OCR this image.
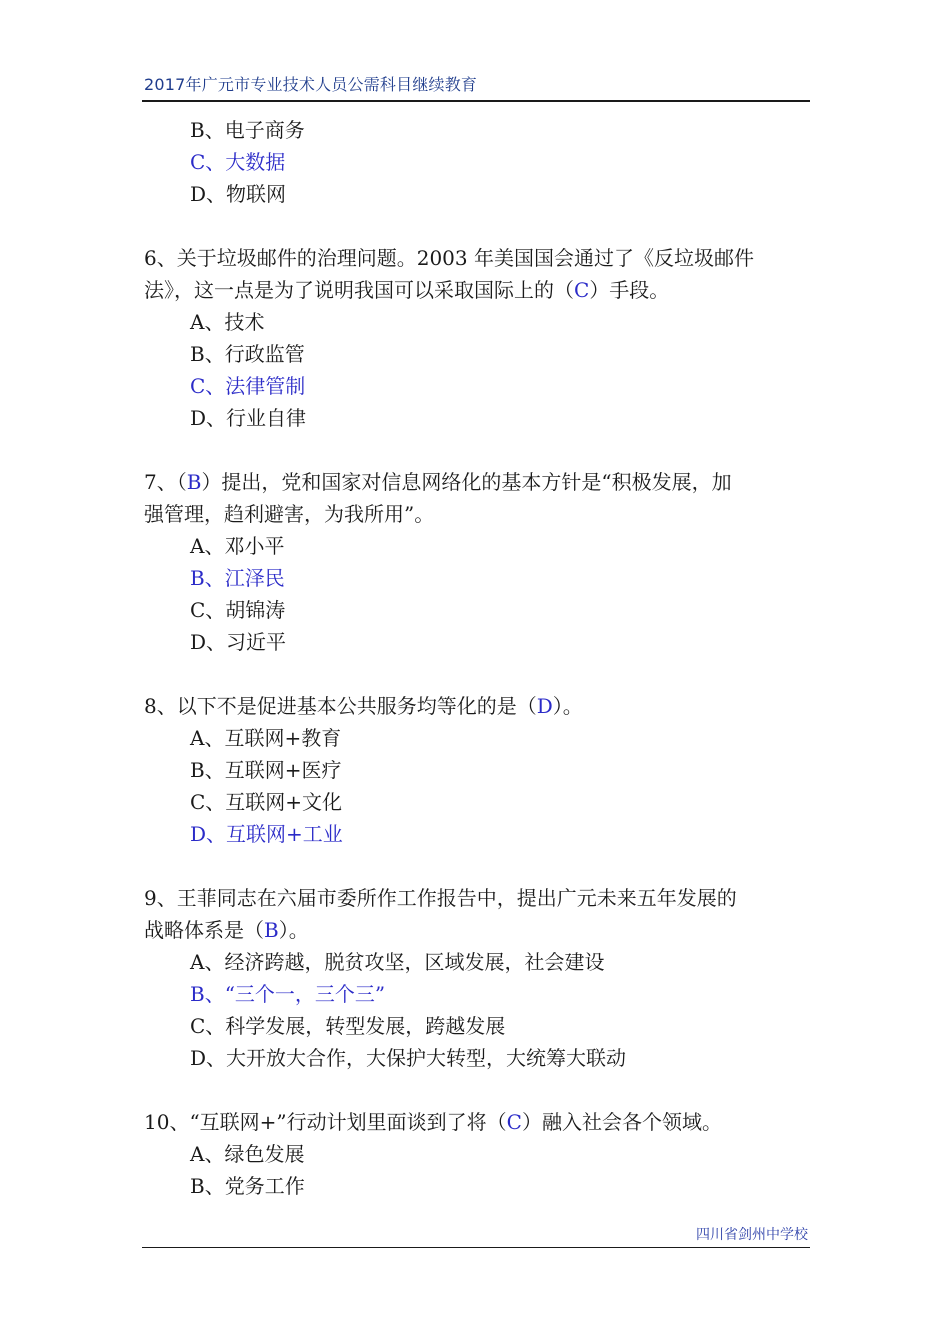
2017年广元市专业技术人员公需科目继续教育
B、电子商务
C、大数据
D、物联网
6、关于垃圾邮件的治理问题。2003 年美国国会通过了《反垃圾邮件
法》，这一点是为了说明我国可以采取国际上的（C）手段。
A、技术
B、行政监管
C、法律管制
D、行业自律
7、（B）提出，党和国家对信息网络化的基本方针是“积极发展，加
强管理，趋利避害，为我所用”。
A、邓小平
B、江泽民
C、胡锦涛
D、习近平
8、以下不是促进基本公共服务均等化的是（D）。
A、互联网+教育
B、互联网+医疗
C、互联网+文化
D、互联网+工业
9、王菲同志在六届市委所作工作报告中，提出广元未来五年发展的
战略体系是（B）。
A、经济跨越，脱贫攻坚，区域发展，社会建设
B、“三个一，三个三”
C、科学发展，转型发展，跨越发展
D、大开放大合作，大保护大转型，大统筹大联动
10、“互联网+”行动计划里面谈到了将（C）融入社会各个领域。
A、绿色发展
B、党务工作
四川省剑州中学校
